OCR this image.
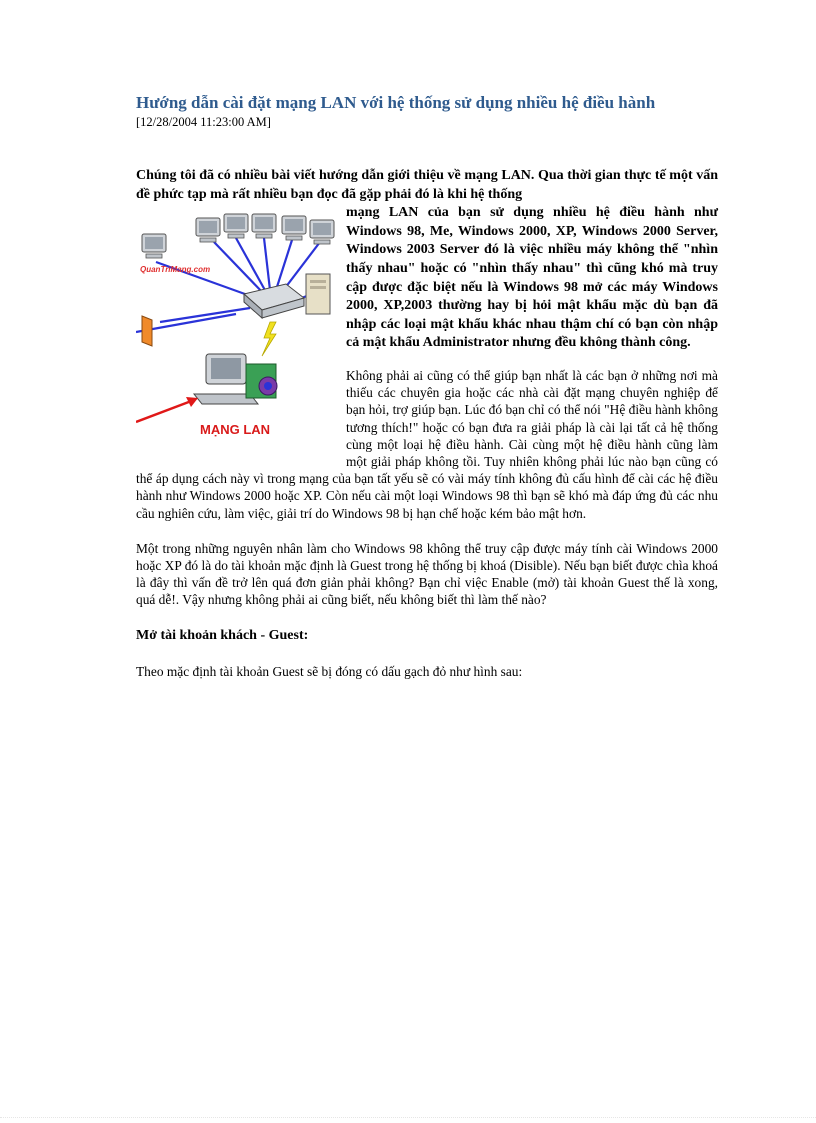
Hướng dẫn cài đặt mạng LAN với hệ thống sử dụng nhiều hệ điều hành
[12/28/2004 11:23:00 AM]
Chúng tôi đã có nhiều bài viết hướng dẫn giới thiệu về mạng LAN. Qua thời gian thực tế một vấn đề phức tạp mà rất nhiều bạn đọc đã gặp phải đó là khi hệ thống
QuanTriMang.com
MẠNG LAN
mạng LAN của bạn sử dụng nhiều hệ điều hành như Windows 98, Me, Windows 2000, XP, Windows 2000 Server, Windows 2003 Server đó là việc nhiều máy không thể "nhìn thấy nhau" hoặc có "nhìn thấy nhau" thì cũng khó mà truy cập được đặc biệt nếu là Windows 98 mở các máy Windows 2000, XP,2003 thường hay bị hỏi mật khẩu mặc dù bạn đã nhập các loại mật khẩu khác nhau thậm chí có bạn còn nhập cả mật khẩu Administrator nhưng đều không thành công.
Không phải ai cũng có thể giúp bạn nhất là các bạn ở những nơi mà thiếu các chuyên gia hoặc các nhà cài đặt mạng chuyên nghiệp để bạn hỏi, trợ giúp bạn. Lúc đó bạn chỉ có thể nói "Hệ điều hành không tương thích!" hoặc có bạn đưa ra giải pháp là cài lại tất cả hệ thống cùng một loại hệ điều hành. Cài cùng một hệ điều hành cũng làm một giải pháp không tồi. Tuy nhiên không phải lúc nào bạn cũng có thể áp dụng cách này vì trong mạng của bạn tất yếu sẽ có vài máy tính không đủ cấu hình để cài các hệ điều hành như Windows 2000 hoặc XP. Còn nếu cài một loại Windows 98 thì bạn sẽ khó mà đáp ứng đủ các nhu cầu nghiên cứu, làm việc, giải trí do Windows 98 bị hạn chế hoặc kém bảo mật hơn.
Một trong những nguyên nhân làm cho Windows 98 không thể truy cập được máy tính cài Windows 2000 hoặc XP đó là do tài khoản mặc định là Guest trong hệ thống bị khoá (Disible). Nếu bạn biết được chìa khoá là đây thì vấn đề trở lên quá đơn giản phải không? Bạn chỉ việc Enable (mở) tài khoản Guest thế là xong, quá dễ!. Vậy nhưng không phải ai cũng biết, nếu không biết thì làm thế nào?
Mở tài khoản khách - Guest:
Theo mặc định tài khoản Guest sẽ bị đóng có dấu gạch đỏ như hình sau:
